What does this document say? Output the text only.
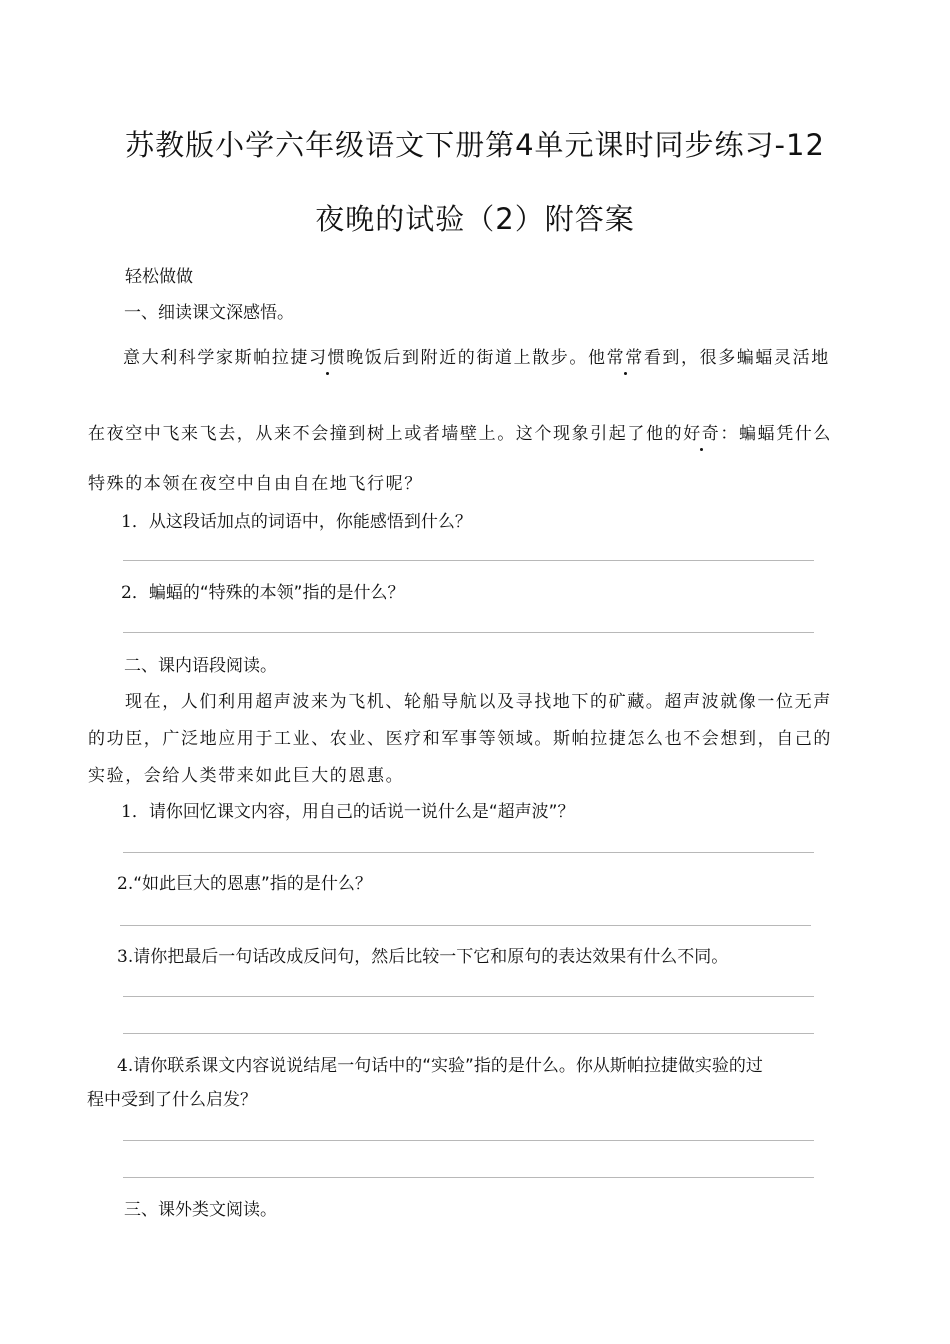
苏教版小学六年级语文下册第4单元课时同步练习-12
夜晚的试验（2）附答案
轻松做做
一、细读课文深感悟。
意大利科学家斯帕拉捷习惯晚饭后到附近的街道上散步。他常常看到，很多蝙蝠灵活地
在夜空中飞来飞去，从来不会撞到树上或者墙壁上。这个现象引起了他的好奇：蝙蝠凭什么
特殊的本领在夜空中自由自在地飞行呢？
1．从这段话加点的词语中，你能感悟到什么？
2．蝙蝠的“特殊的本领”指的是什么？
二、课内语段阅读。
现在，人们利用超声波来为飞机、轮船导航以及寻找地下的矿藏。超声波就像一位无声
的功臣，广泛地应用于工业、农业、医疗和军事等领域。斯帕拉捷怎么也不会想到，自己的
实验，会给人类带来如此巨大的恩惠。
1．请你回忆课文内容，用自己的话说一说什么是“超声波”？
2.“如此巨大的恩惠”指的是什么？
3.请你把最后一句话改成反问句，然后比较一下它和原句的表达效果有什么不同。
4.请你联系课文内容说说结尾一句话中的“实验”指的是什么。你从斯帕拉捷做实验的过
程中受到了什么启发？
三、课外类文阅读。
